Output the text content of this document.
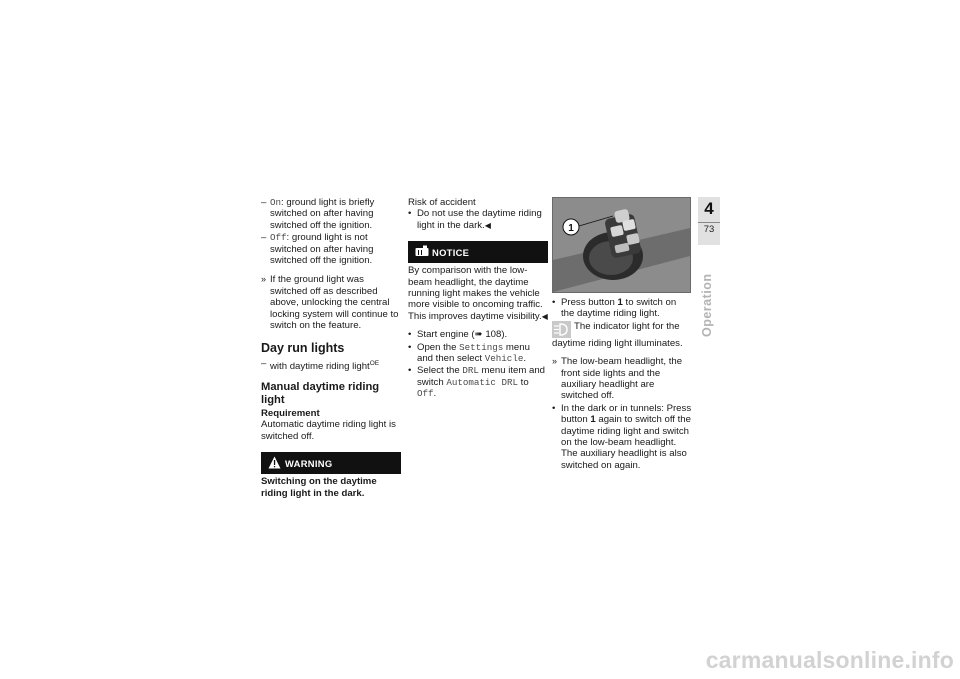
– On: ground light is briefly switched on after having switched off the ignition.
– Off: ground light is not switched on after having switched off the ignition.
» If the ground light was switched off as described above, unlocking the central locking system will continue to switch on the feature.
Day run lights
– with daytime riding light$^{OE}$
Manual daytime riding light
Requirement
Automatic daytime riding light is switched off.
WARNING
Switching on the daytime riding light in the dark.
Risk of accident
• Do not use the daytime riding light in the dark.◀
NOTICE
By comparison with the low-beam headlight, the daytime running light makes the vehicle more visible to oncoming traffic. This improves daytime visibility.◀
• Start engine (➠ 108).
• Open the Settings menu and then select Vehicle.
• Select the DRL menu item and switch Automatic DRL to Off.
1
• Press button 1 to switch on the daytime riding light.
The indicator light for the daytime riding light illuminates.
» The low-beam headlight, the front side lights and the auxiliary headlight are switched off.
• In the dark or in tunnels: Press button 1 again to switch off the daytime riding light and switch on the low-beam headlight.
The auxiliary headlight is also switched on again.
4
73
Operation
carmanualsonline.info
